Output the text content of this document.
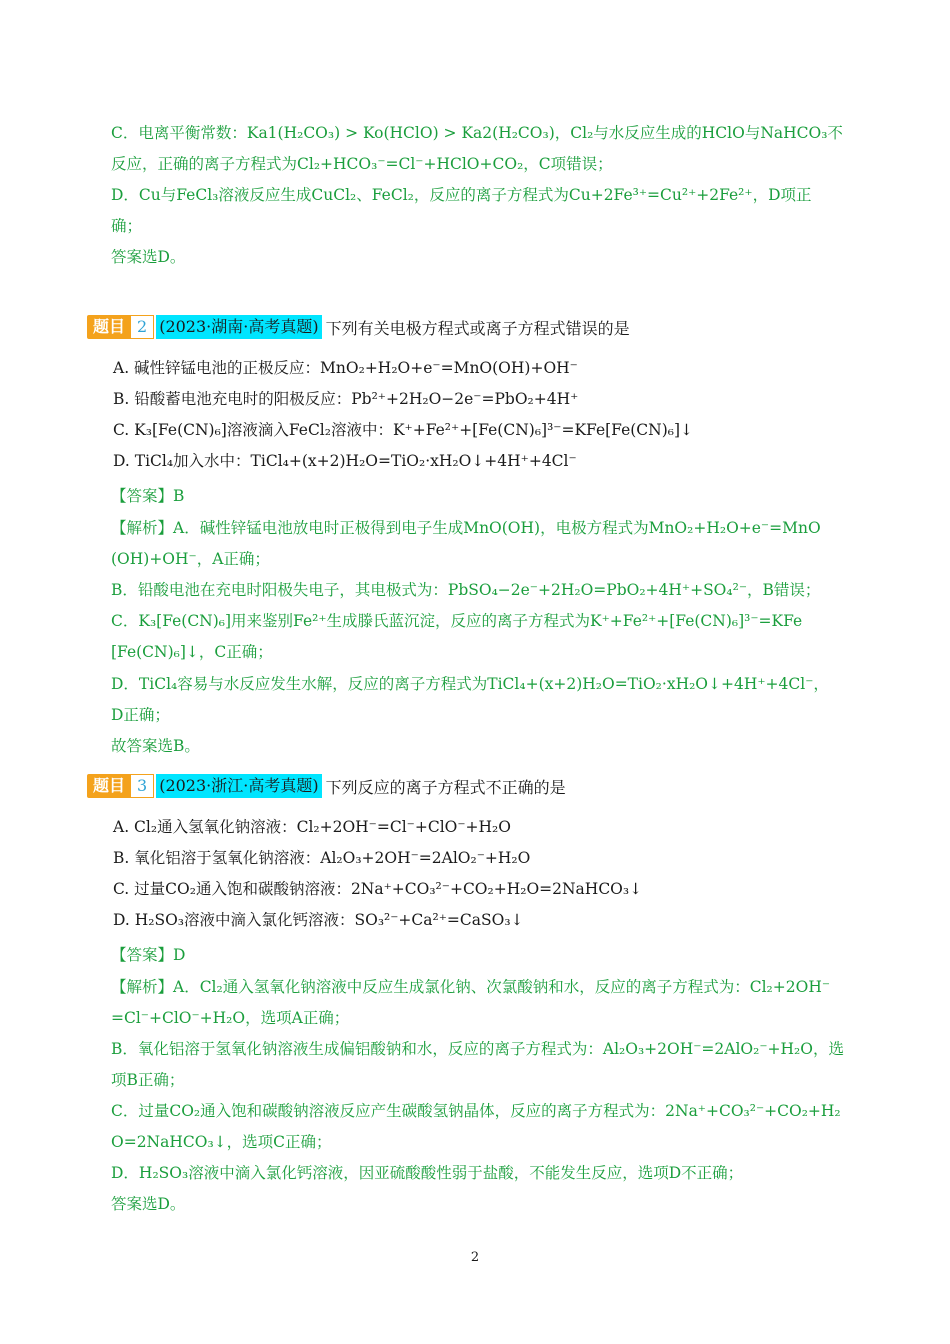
C．电离平衡常数：Ka1(H₂CO₃) > Ko(HClO) > Ka2(H₂CO₃)，Cl₂与水反应生成的HClO与NaHCO₃不
反应，正确的离子方程式为Cl₂+HCO₃⁻=Cl⁻+HClO+CO₂，C项错误；
D．Cu与FeCl₃溶液反应生成CuCl₂、FeCl₂，反应的离子方程式为Cu+2Fe³⁺=Cu²⁺+2Fe²⁺，D项正
确；
答案选D。
题目 2 (2023·湖南·高考真题) 下列有关电极方程式或离子方程式错误的是
A. 碱性锌锰电池的正极反应：MnO₂+H₂O+e⁻=MnO(OH)+OH⁻
B. 铅酸蓄电池充电时的阳极反应：Pb²⁺+2H₂O−2e⁻=PbO₂+4H⁺
C. K₃[Fe(CN)₆]溶液滴入FeCl₂溶液中：K⁺+Fe²⁺+[Fe(CN)₆]³⁻=KFe[Fe(CN)₆]↓
D. TiCl₄加入水中：TiCl₄+(x+2)H₂O=TiO₂·xH₂O↓+4H⁺+4Cl⁻
【答案】B
【解析】A．碱性锌锰电池放电时正极得到电子生成MnO(OH)，电极方程式为MnO₂+H₂O+e⁻=MnO
(OH)+OH⁻，A正确；
B．铅酸电池在充电时阳极失电子，其电极式为：PbSO₄−2e⁻+2H₂O=PbO₂+4H⁺+SO₄²⁻，B错误；
C．K₃[Fe(CN)₆]用来鉴别Fe²⁺生成滕氏蓝沉淀，反应的离子方程式为K⁺+Fe²⁺+[Fe(CN)₆]³⁻=KFe
[Fe(CN)₆]↓，C正确；
D．TiCl₄容易与水反应发生水解，反应的离子方程式为TiCl₄+(x+2)H₂O=TiO₂·xH₂O↓+4H⁺+4Cl⁻，
D正确；
故答案选B。
题目 3 (2023·浙江·高考真题) 下列反应的离子方程式不正确的是
A. Cl₂通入氢氧化钠溶液：Cl₂+2OH⁻=Cl⁻+ClO⁻+H₂O
B. 氧化铝溶于氢氧化钠溶液：Al₂O₃+2OH⁻=2AlO₂⁻+H₂O
C. 过量CO₂通入饱和碳酸钠溶液：2Na⁺+CO₃²⁻+CO₂+H₂O=2NaHCO₃↓
D. H₂SO₃溶液中滴入氯化钙溶液：SO₃²⁻+Ca²⁺=CaSO₃↓
【答案】D
【解析】A．Cl₂通入氢氧化钠溶液中反应生成氯化钠、次氯酸钠和水，反应的离子方程式为：Cl₂+2OH⁻
=Cl⁻+ClO⁻+H₂O，选项A正确；
B．氧化铝溶于氢氧化钠溶液生成偏铝酸钠和水，反应的离子方程式为：Al₂O₃+2OH⁻=2AlO₂⁻+H₂O，选
项B正确；
C．过量CO₂通入饱和碳酸钠溶液反应产生碳酸氢钠晶体，反应的离子方程式为：2Na⁺+CO₃²⁻+CO₂+H₂
O=2NaHCO₃↓，选项C正确；
D．H₂SO₃溶液中滴入氯化钙溶液，因亚硫酸酸性弱于盐酸，不能发生反应，选项D不正确；
答案选D。
2
